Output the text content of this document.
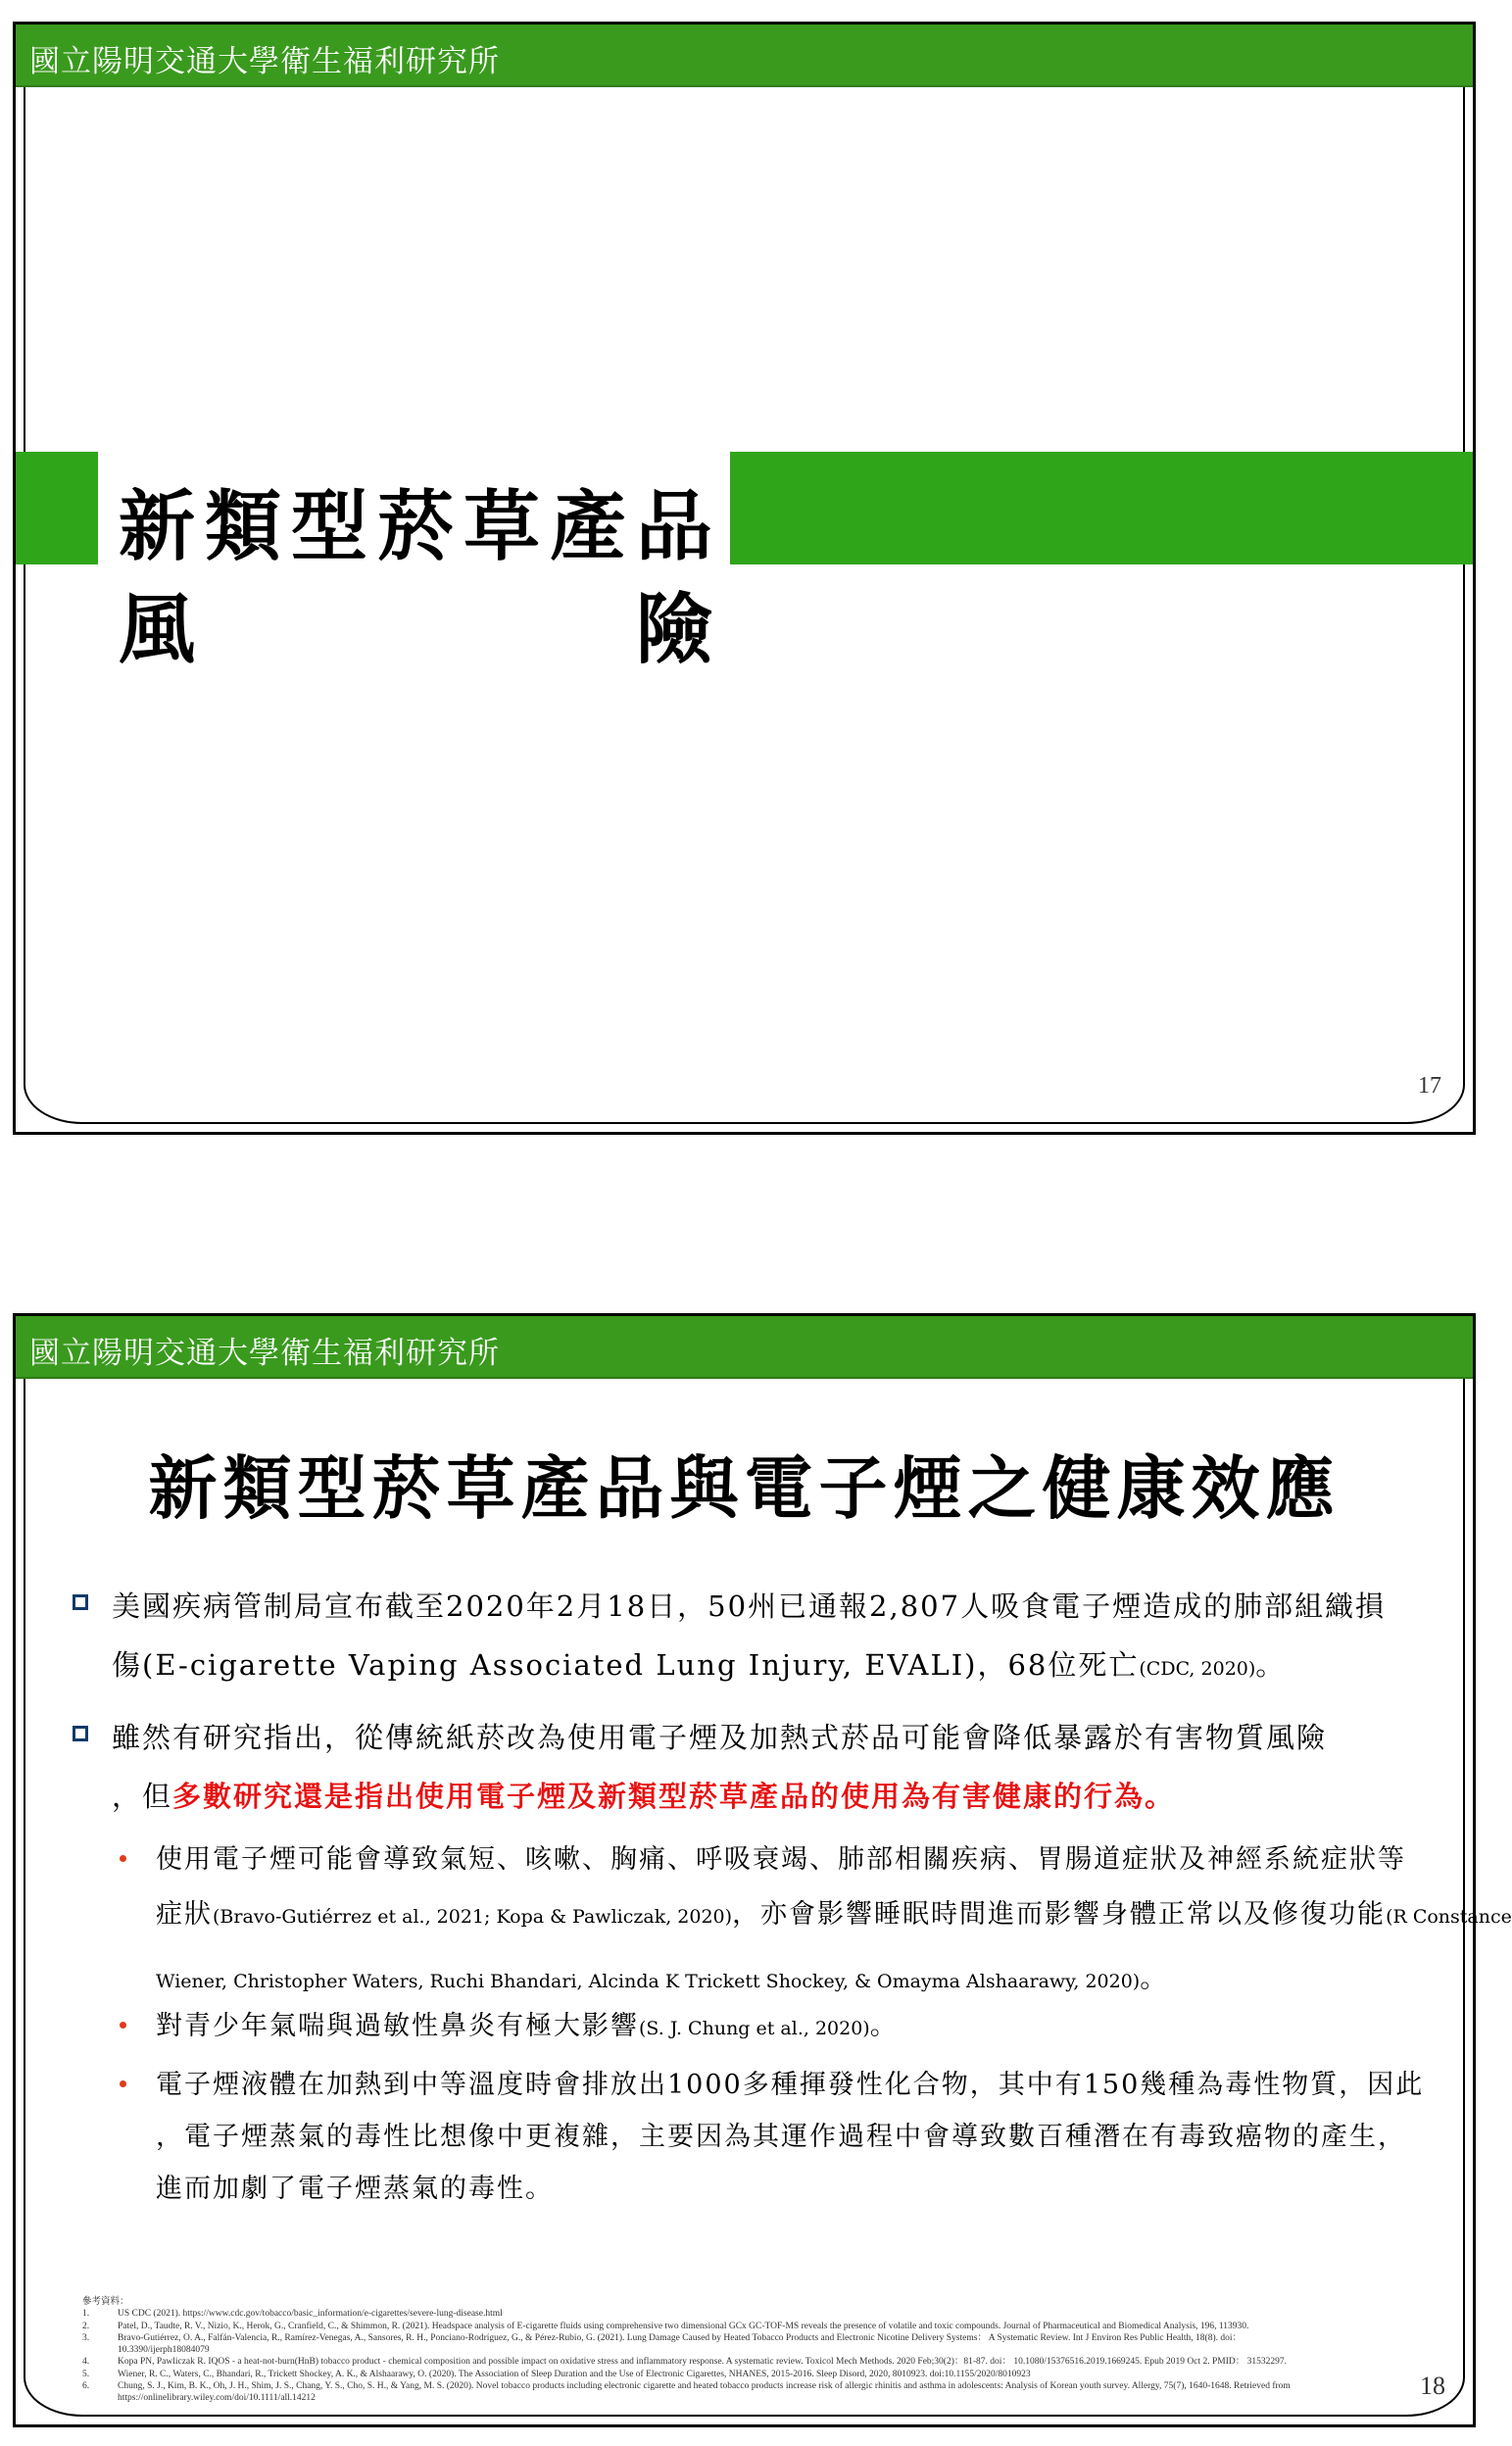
國立陽明交通大學衛生福利研究所
新類型菸草產品
風　　　　　險
17
國立陽明交通大學衛生福利研究所
新類型菸草產品與電子煙之健康效應
美國疾病管制局宣布截至2020年2月18日，50州已通報2,807人吸食電子煙造成的肺部組織損
傷(E-cigarette Vaping Associated Lung Injury, EVALI)，68位死亡(CDC, 2020)。
雖然有研究指出，從傳統紙菸改為使用電子煙及加熱式菸品可能會降低暴露於有害物質風險
，但多數研究還是指出使用電子煙及新類型菸草產品的使用為有害健康的行為。
使用電子煙可能會導致氣短、咳嗽、胸痛、呼吸衰竭、肺部相關疾病、胃腸道症狀及神經系統症狀等
症狀(Bravo-Gutiérrez et al., 2021; Kopa & Pawliczak, 2020)，亦會影響睡眠時間進而影響身體正常以及修復功能(R Constance
Wiener, Christopher Waters, Ruchi Bhandari, Alcinda K Trickett Shockey, & Omayma Alshaarawy, 2020)。
對青少年氣喘與過敏性鼻炎有極大影響(S. J. Chung et al., 2020)。
電子煙液體在加熱到中等溫度時會排放出1000多種揮發性化合物，其中有150幾種為毒性物質，因此
，電子煙蒸氣的毒性比想像中更複雜，主要因為其運作過程中會導致數百種潛在有毒致癌物的產生，
進而加劇了電子煙蒸氣的毒性。
參考資料：
1.	US CDC (2021). https://www.cdc.gov/tobacco/basic_information/e-cigarettes/severe-lung-disease.html
2.	Patel, D., Taudte, R. V., Nizio, K., Herok, G., Cranfield, C., & Shimmon, R. (2021). Headspace analysis of E-cigarette fluids using comprehensive two dimensional GCx GC-TOF-MS reveals the presence of volatile and toxic compounds. Journal of Pharmaceutical and Biomedical Analysis, 196, 113930.
3.	Bravo-Gutiérrez, O. A., Falfán-Valencia, R., Ramírez-Venegas, A., Sansores, R. H., Ponciano-Rodríguez, G., & Pérez-Rubio, G. (2021). Lung Damage Caused by Heated Tobacco Products and Electronic Nicotine Delivery Systems： A Systematic Review. Int J Environ Res Public Health, 18(8). doi：
10.3390/ijerph18084079
4.	Kopa PN, Pawliczak R. IQOS - a heat-not-burn(HnB) tobacco product - chemical composition and possible impact on oxidative stress and inflammatory response. A systematic review. Toxicol Mech Methods. 2020 Feb;30(2)：81-87. doi： 10.1080/15376516.2019.1669245. Epub 2019 Oct 2. PMID： 31532297.
5.	Wiener, R. C., Waters, C., Bhandari, R., Trickett Shockey, A. K., & Alshaarawy, O. (2020). The Association of Sleep Duration and the Use of Electronic Cigarettes, NHANES, 2015-2016. Sleep Disord, 2020, 8010923. doi:10.1155/2020/8010923
6.	Chung, S. J., Kim, B. K., Oh, J. H., Shim, J. S., Chang, Y. S., Cho, S. H., & Yang, M. S. (2020). Novel tobacco products including electronic cigarette and heated tobacco products increase risk of allergic rhinitis and asthma in adolescents: Analysis of Korean youth survey. Allergy, 75(7), 1640-1648. Retrieved from
https://onlinelibrary.wiley.com/doi/10.1111/all.14212	18
